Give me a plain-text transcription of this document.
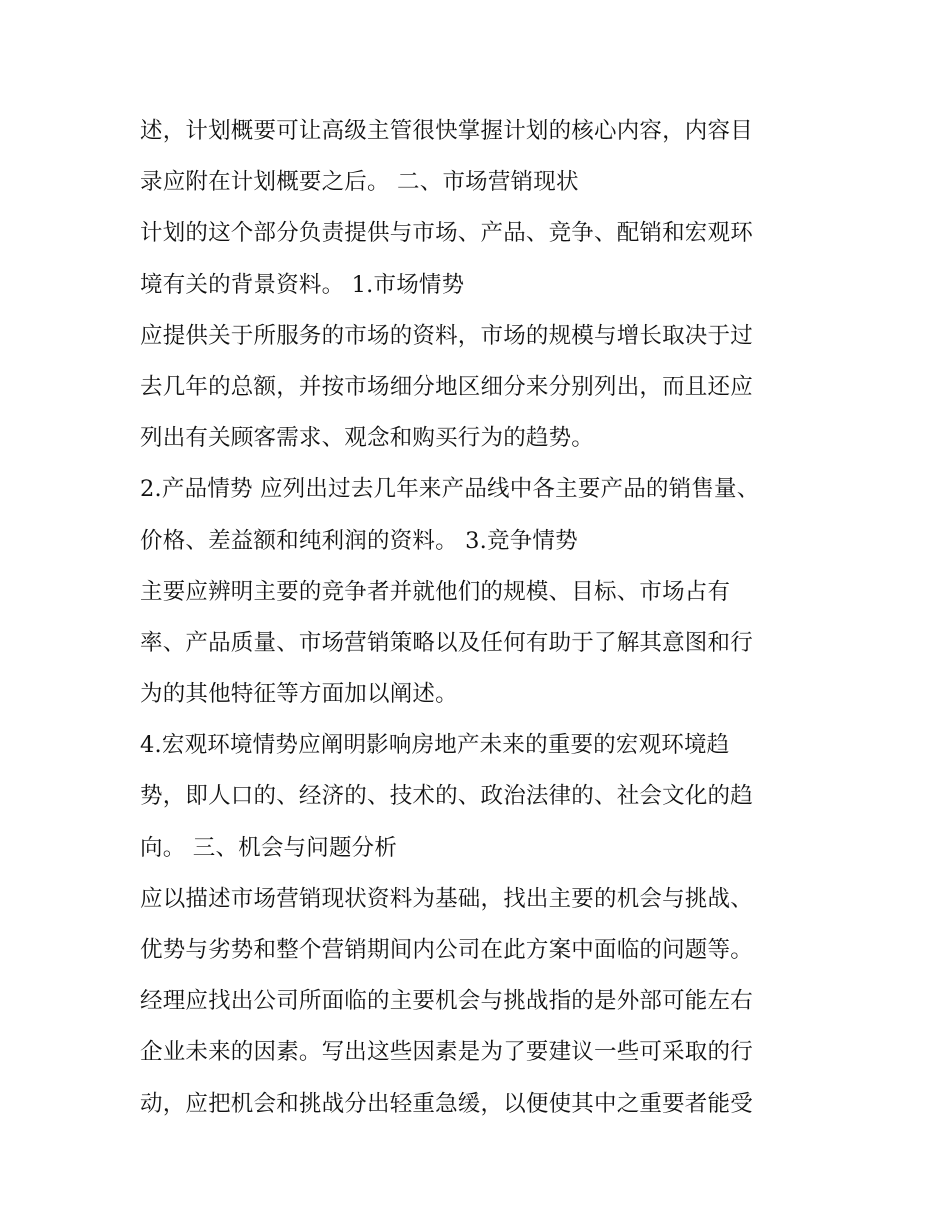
述，计划概要可让高级主管很快掌握计划的核心内容，内容目
录应附在计划概要之后。 二、市场营销现状
计划的这个部分负责提供与市场、产品、竞争、配销和宏观环
境有关的背景资料。 1.市场情势
应提供关于所服务的市场的资料，市场的规模与增长取决于过
去几年的总额，并按市场细分地区细分来分别列出，而且还应
列出有关顾客需求、观念和购买行为的趋势。
2.产品情势 应列出过去几年来产品线中各主要产品的销售量、
价格、差益额和纯利润的资料。 3.竞争情势
主要应辨明主要的竞争者并就他们的规模、目标、市场占有
率、产品质量、市场营销策略以及任何有助于了解其意图和行
为的其他特征等方面加以阐述。
4.宏观环境情势应阐明影响房地产未来的重要的宏观环境趋
势，即人口的、经济的、技术的、政治法律的、社会文化的趋
向。 三、机会与问题分析
应以描述市场营销现状资料为基础，找出主要的机会与挑战、
优势与劣势和整个营销期间内公司在此方案中面临的问题等。
经理应找出公司所面临的主要机会与挑战指的是外部可能左右
企业未来的因素。写出这些因素是为了要建议一些可采取的行
动，应把机会和挑战分出轻重急缓，以便使其中之重要者能受
